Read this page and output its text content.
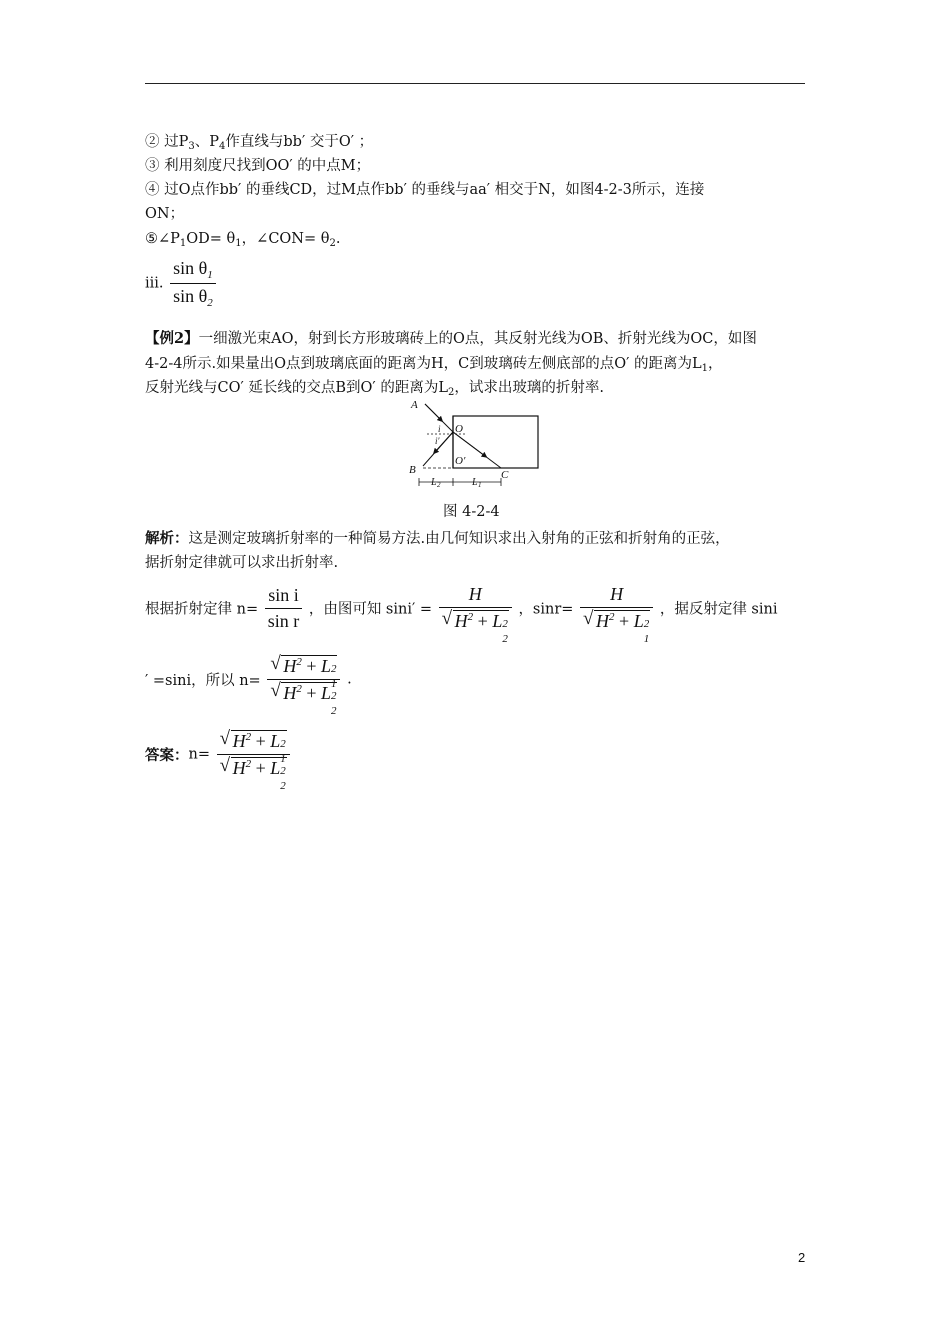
② 过$P_3$、$P_4$作直线与bb′ 交于O′ ；
③ 利用刻度尺找到OO′ 的中点M；
④ 过O点作bb′ 的垂线CD，过M点作bb′ 的垂线与aa′ 相交于N，如图4-2-3所示，连接
ON；
$⑤\angle P_1OD= \theta_1$，∠CON= $\theta_2$.
iii. $\frac{\sin \theta_1}{\sin \theta_2}$
【例2】一细激光束AO，射到长方形玻璃砖上的O点，其反射光线为OB、折射光线为OC，如图
4-2-4所示.如果量出O点到玻璃底面的距离为H，C到玻璃砖左侧底部的点O′ 的距离为$L_1$，
反射光线与CO′ 延长线的交点B到O′ 的距离为$L_2$，试求出玻璃的折射率.
A
O
i
i′
B
O′
C
L 2	L 1
图 4-2-4
解析：这是测定玻璃折射率的一种简易方法.由几何知识求出入射角的正弦和折射角的正弦，
据折射定律就可以求出折射率.
根据折射定律 $n= \frac{\text{sin i}}{\text{sin r}}$ ，由图可知 sini′ = H
√ $H^2 + L$ 2
2
，sinr= H
√ $H^2 + L$ 2
1
，据反射定律 sini
′ =sini，所以 n= √ $H^2 + L$ 2
1

√ $H^2 + L$ 2
2
.
答案：n= √ $H^2 + L$ 2
1

√ $H^2 + L$ 2
2

2
